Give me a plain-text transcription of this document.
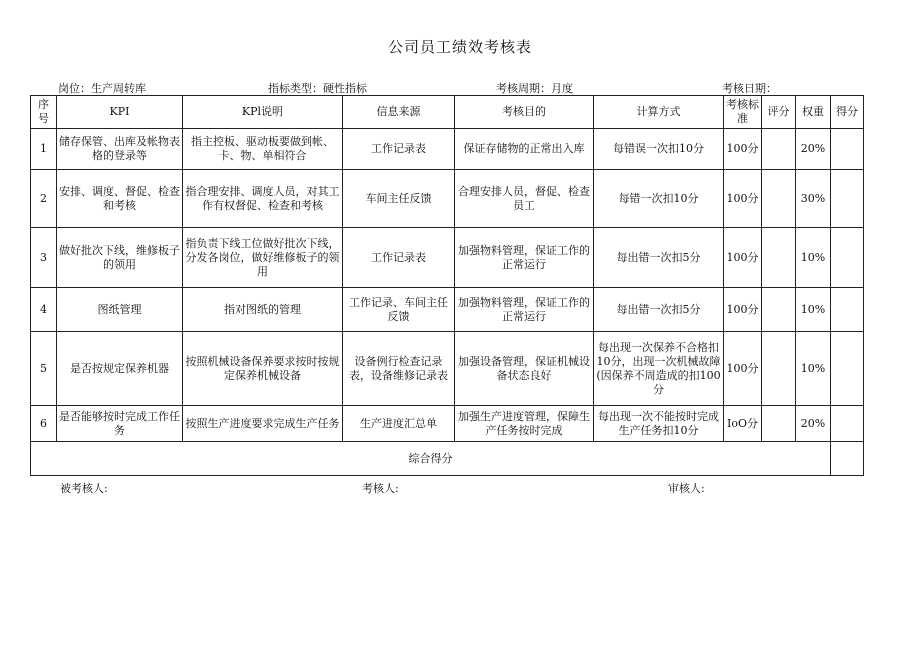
公司员工绩效考核表
岗位：生产周转库	指标类型：硬性指标	考核周期：月度	考核日期：
序号	KPI	KPl说明	信息来源	考核目的	计算方式	考核标准	评分	权重	得分
1	储存保管、出库及帐物表格的登录等	指主控板、驱动板要做到帐、卡、物、单相符合	工作记录表	保证存储物的正常出入库	每错误一次扣10分	100分		20%	
2	安排、调度、督促、检查和考核	指合理安排、调度人员，对其工作有权督促、检查和考核	车间主任反馈	合理安排人员，督促、检查员工	每错一次扣10分	100分		30%	
3	做好批次下线，维修板子的领用	指负责下线工位做好批次下线，分发各岗位，做好维修板子的领用	工作记录表	加强物料管理，保证工作的正常运行	每出错一次扣5分	100分		10%	
4	图纸管理	指对图纸的管理	工作记录、车间主任反馈	加强物料管理，保证工作的正常运行	每出错一次扣5分	100分		10%	
5	是否按规定保养机器	按照机械设备保养要求按时按规定保养机械设备	设备例行检查记录表，设备维修记录表	加强设备管理，保证机械设备状态良好	每出现一次保养不合格扣10分，出现一次机械故障(因保养不周造成的扣100分	100分		10%	
6	是否能够按时完成工作任务	按照生产进度要求完成生产任务	生产进度汇总单	加强生产进度管理，保障生产任务按时完成	每出现一次不能按时完成生产任务扣10分	IoO分		20%	
综合得分									
被考核人:	考核人:	审核人:
